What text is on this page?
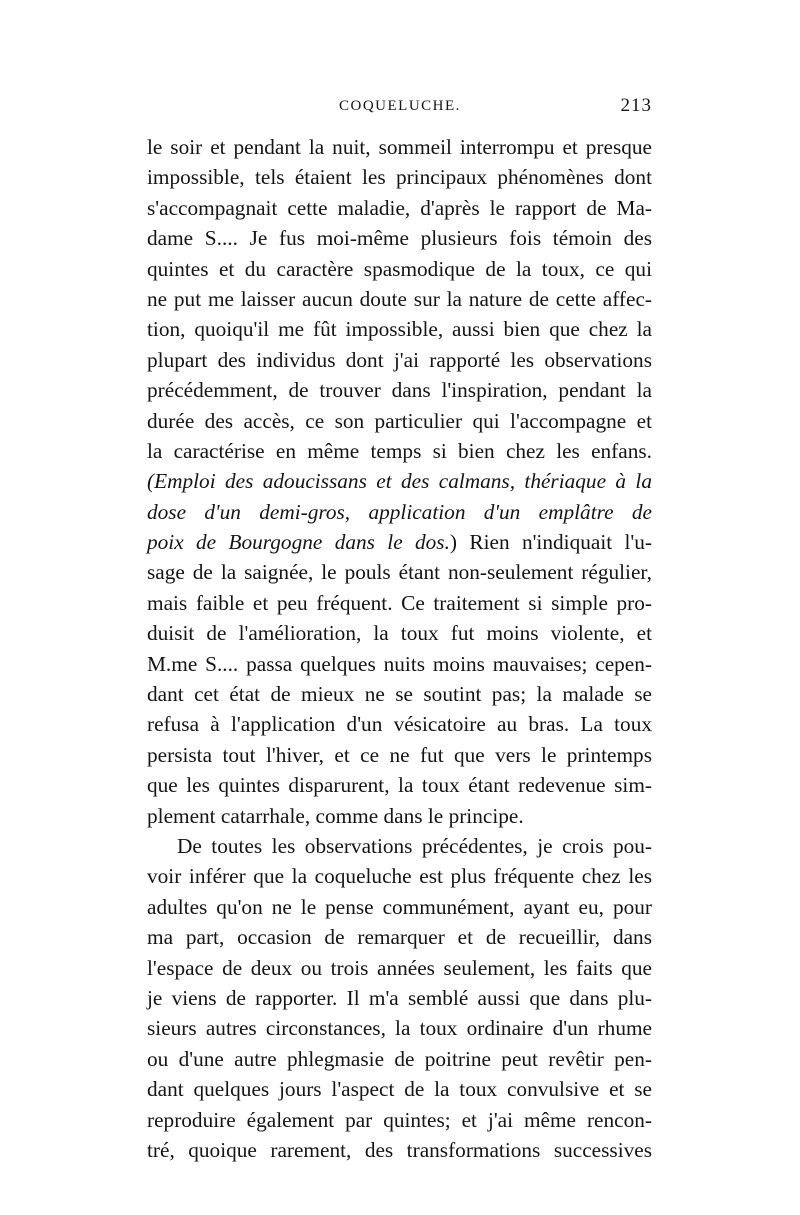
COQUELUCHE.	213
le soir et pendant la nuit, sommeil interrompu et presque
impossible, tels étaient les principaux phénomènes dont
s'accompagnait cette maladie, d'après le rapport de Ma-
dame S.... Je fus moi-même plusieurs fois témoin des
quintes et du caractère spasmodique de la toux, ce qui
ne put me laisser aucun doute sur la nature de cette affec-
tion, quoiqu'il me fût impossible, aussi bien que chez la
plupart des individus dont j'ai rapporté les observations
précédemment, de trouver dans l'inspiration, pendant la
durée des accès, ce son particulier qui l'accompagne et
la caractérise en même temps si bien chez les enfans.
(Emploi des adoucissans et des calmans, thériaque à la
dose d'un demi-gros, application d'un emplâtre de
poix de Bourgogne dans le dos.) Rien n'indiquait l'u-
sage de la saignée, le pouls étant non-seulement régulier,
mais faible et peu fréquent. Ce traitement si simple pro-
duisit de l'amélioration, la toux fut moins violente, et
M.me S.... passa quelques nuits moins mauvaises; cepen-
dant cet état de mieux ne se soutint pas; la malade se
refusa à l'application d'un vésicatoire au bras. La toux
persista tout l'hiver, et ce ne fut que vers le printemps
que les quintes disparurent, la toux étant redevenue sim-
plement catarrhale, comme dans le principe.
De toutes les observations précédentes, je crois pou-
voir inférer que la coqueluche est plus fréquente chez les
adultes qu'on ne le pense communément, ayant eu, pour
ma part, occasion de remarquer et de recueillir, dans
l'espace de deux ou trois années seulement, les faits que
je viens de rapporter. Il m'a semblé aussi que dans plu-
sieurs autres circonstances, la toux ordinaire d'un rhume
ou d'une autre phlegmasie de poitrine peut revêtir pen-
dant quelques jours l'aspect de la toux convulsive et se
reproduire également par quintes; et j'ai même rencon-
tré, quoique rarement, des transformations successives
